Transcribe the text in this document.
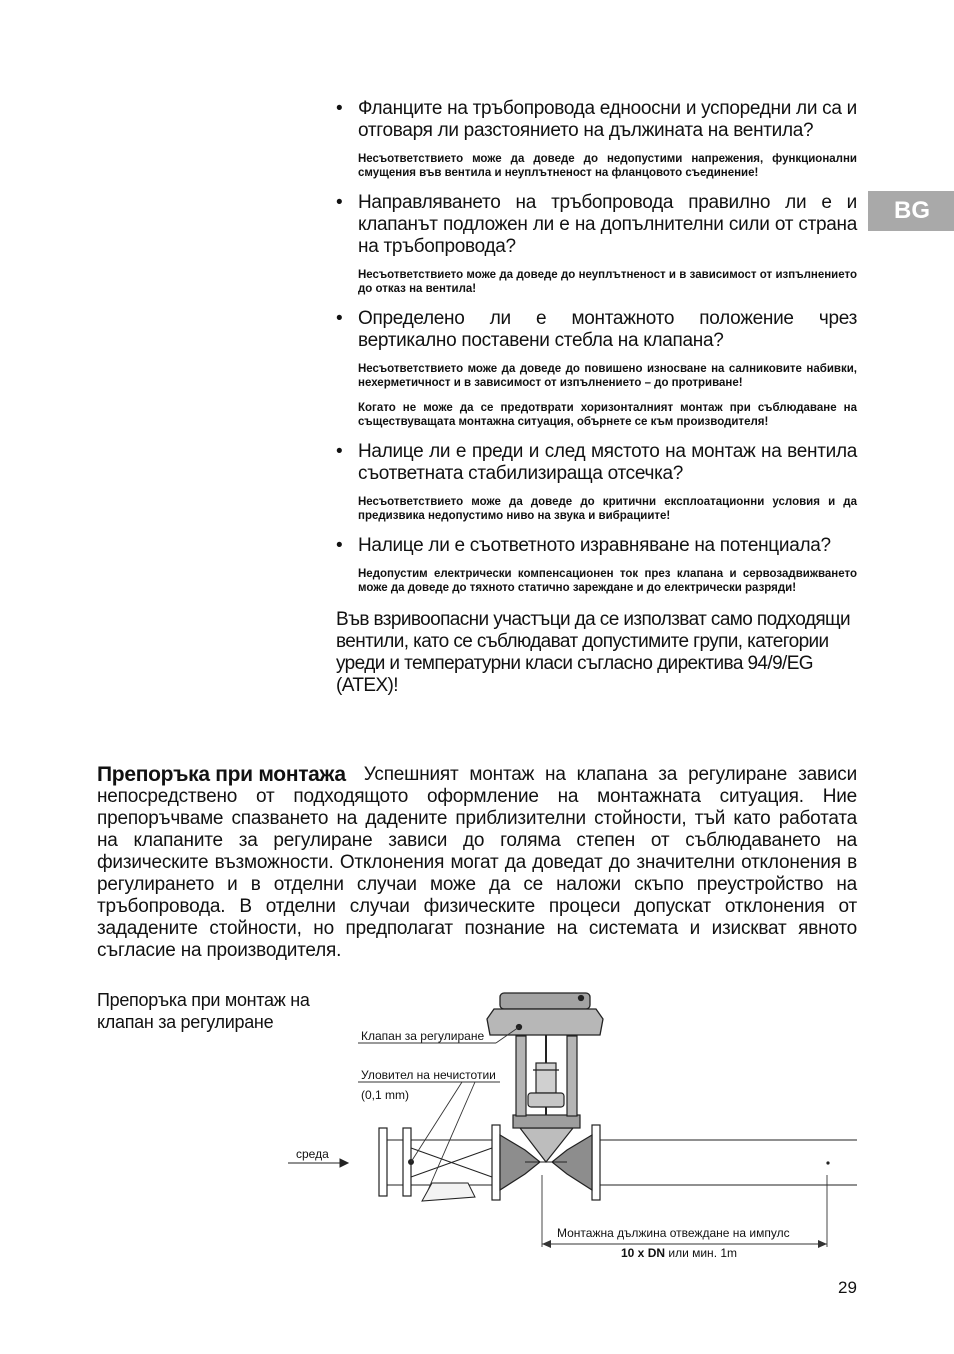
BG
• Фланците на тръбопровода едноосни и успоредни ли са и отговаря ли разстоянието на дължината на вентила?

Несъответствието може да доведе до недопустими напрежения, функционални смущения във вентила и неуплътненост на фланцовото съединение!

• Направляването на тръбопровода правилно ли е и клапанът подложен ли е на допълнителни сили от страна на тръбопровода?

Несъответствието може да доведе до неуплътненост и в зависимост от изпълнението до отказ на вентила!

• Определено ли е монтажното положение чрез вертикално поставени стебла на клапана?

Несъответствието може да доведе до повишено износване на салниковите набивки, нехерметичност и в зависимост от изпълнението – до протриване!

Когато не може да се предотврати хоризонталният монтаж при съблюдаване на съществуващата монтажна ситуация, обърнете се към производителя!

• Налице ли е преди и след мястото на монтаж на вентила съответната стабилизираща отсечка?

Несъответствието може да доведе до критични експлоатационни условия и да предизвика недопустимо ниво на звука и вибрациите!

• Налице ли е съответното изравняване на потенциала?

Недопустим електрически компенсационен ток през клапана и сервозадвижването може да доведе до тяхното статично зареждане и до електрически разряди!

Във взривоопасни участъци да се използват само подходящи вентили, като се съблюдават допустимите групи, категории уреди и температурни класи съгласно директива 94/9/EG (ATEX)!

Препоръка при монтажа Успешният монтаж на клапана за регулиране зависи непосредствено от подходящото оформление на монтажната ситуация. Ние препоръчваме спазването на дадените приблизителни стойности, тъй като работата на клапаните за регулиране зависи до голяма степен от съблюдаването на физическите възможности. Отклонения могат да доведат до значителни отклонения в регулирането и в отделни случаи може да се наложи скъпо преустройство на тръбопровода. В отделни случаи физическите процеси допускат отклонения от зададените стойности, но предполагат познание на системата и изискват явното съгласие на производителя.
Препоръка при монтаж на клапан за регулиране
Клапан за регулиране
Уловител на нечистотии
(0,1 mm)
среда
Монтажна дължина отвеждане на импулс
10 x DN или мин. 1m
29
